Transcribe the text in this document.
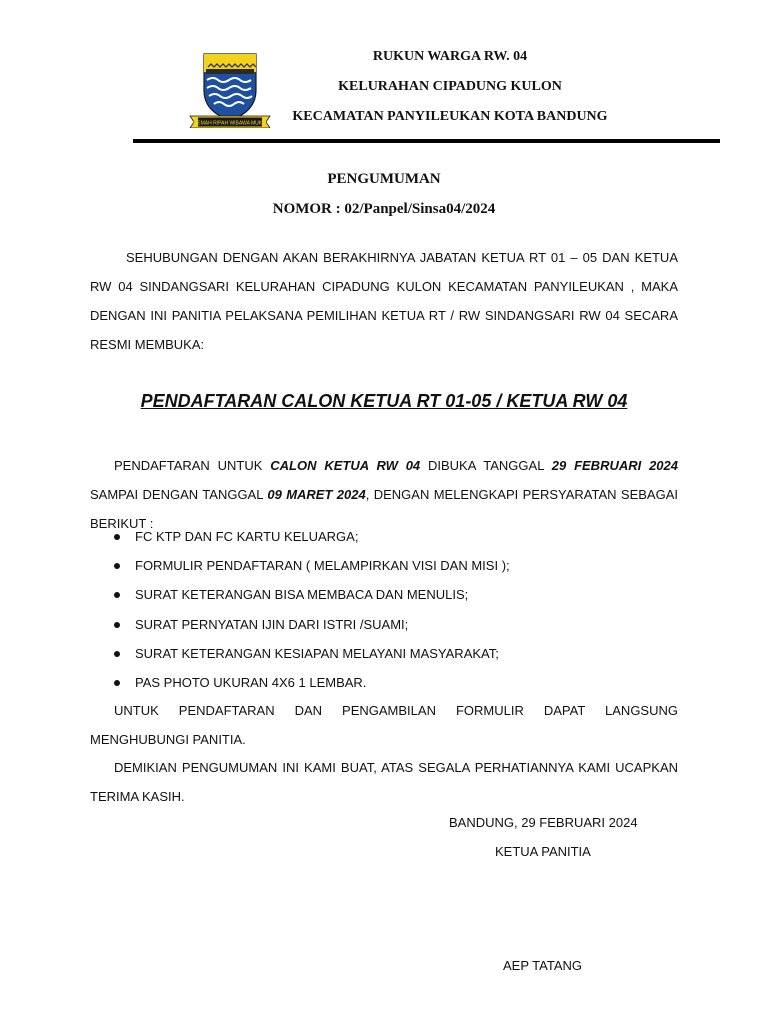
GEMAH RIPAH WIBAWA MUKTI
RUKUN WARGA RW. 04
KELURAHAN CIPADUNG KULON
KECAMATAN PANYILEUKAN KOTA BANDUNG
PENGUMUMAN
NOMOR : 02/Panpel/Sinsa04/2024
SEHUBUNGAN DENGAN AKAN BERAKHIRNYA JABATAN KETUA RT 01 – 05 DAN KETUA RW 04 SINDANGSARI KELURAHAN CIPADUNG KULON KECAMATAN PANYILEUKAN , MAKA DENGAN INI PANITIA PELAKSANA PEMILIHAN KETUA RT / RW SINDANGSARI RW 04 SECARA RESMI MEMBUKA:
PENDAFTARAN CALON KETUA RT 01-05 / KETUA RW 04
PENDAFTARAN UNTUK CALON KETUA RW 04 DIBUKA TANGGAL 29 FEBRUARI 2024 SAMPAI DENGAN TANGGAL 09 MARET 2024, DENGAN MELENGKAPI PERSYARATAN SEBAGAI BERIKUT :
FC KTP DAN FC KARTU KELUARGA;
FORMULIR PENDAFTARAN ( MELAMPIRKAN VISI DAN MISI );
SURAT KETERANGAN BISA MEMBACA DAN MENULIS;
SURAT PERNYATAN IJIN DARI ISTRI /SUAMI;
SURAT KETERANGAN KESIAPAN MELAYANI MASYARAKAT;
PAS PHOTO UKURAN 4X6 1 LEMBAR.
UNTUK PENDAFTARAN DAN PENGAMBILAN FORMULIR DAPAT LANGSUNG MENGHUBUNGI PANITIA.
DEMIKIAN PENGUMUMAN INI KAMI BUAT, ATAS SEGALA PERHATIANNYA KAMI UCAPKAN TERIMA KASIH.
BANDUNG, 29 FEBRUARI 2024
KETUA PANITIA
AEP TATANG
